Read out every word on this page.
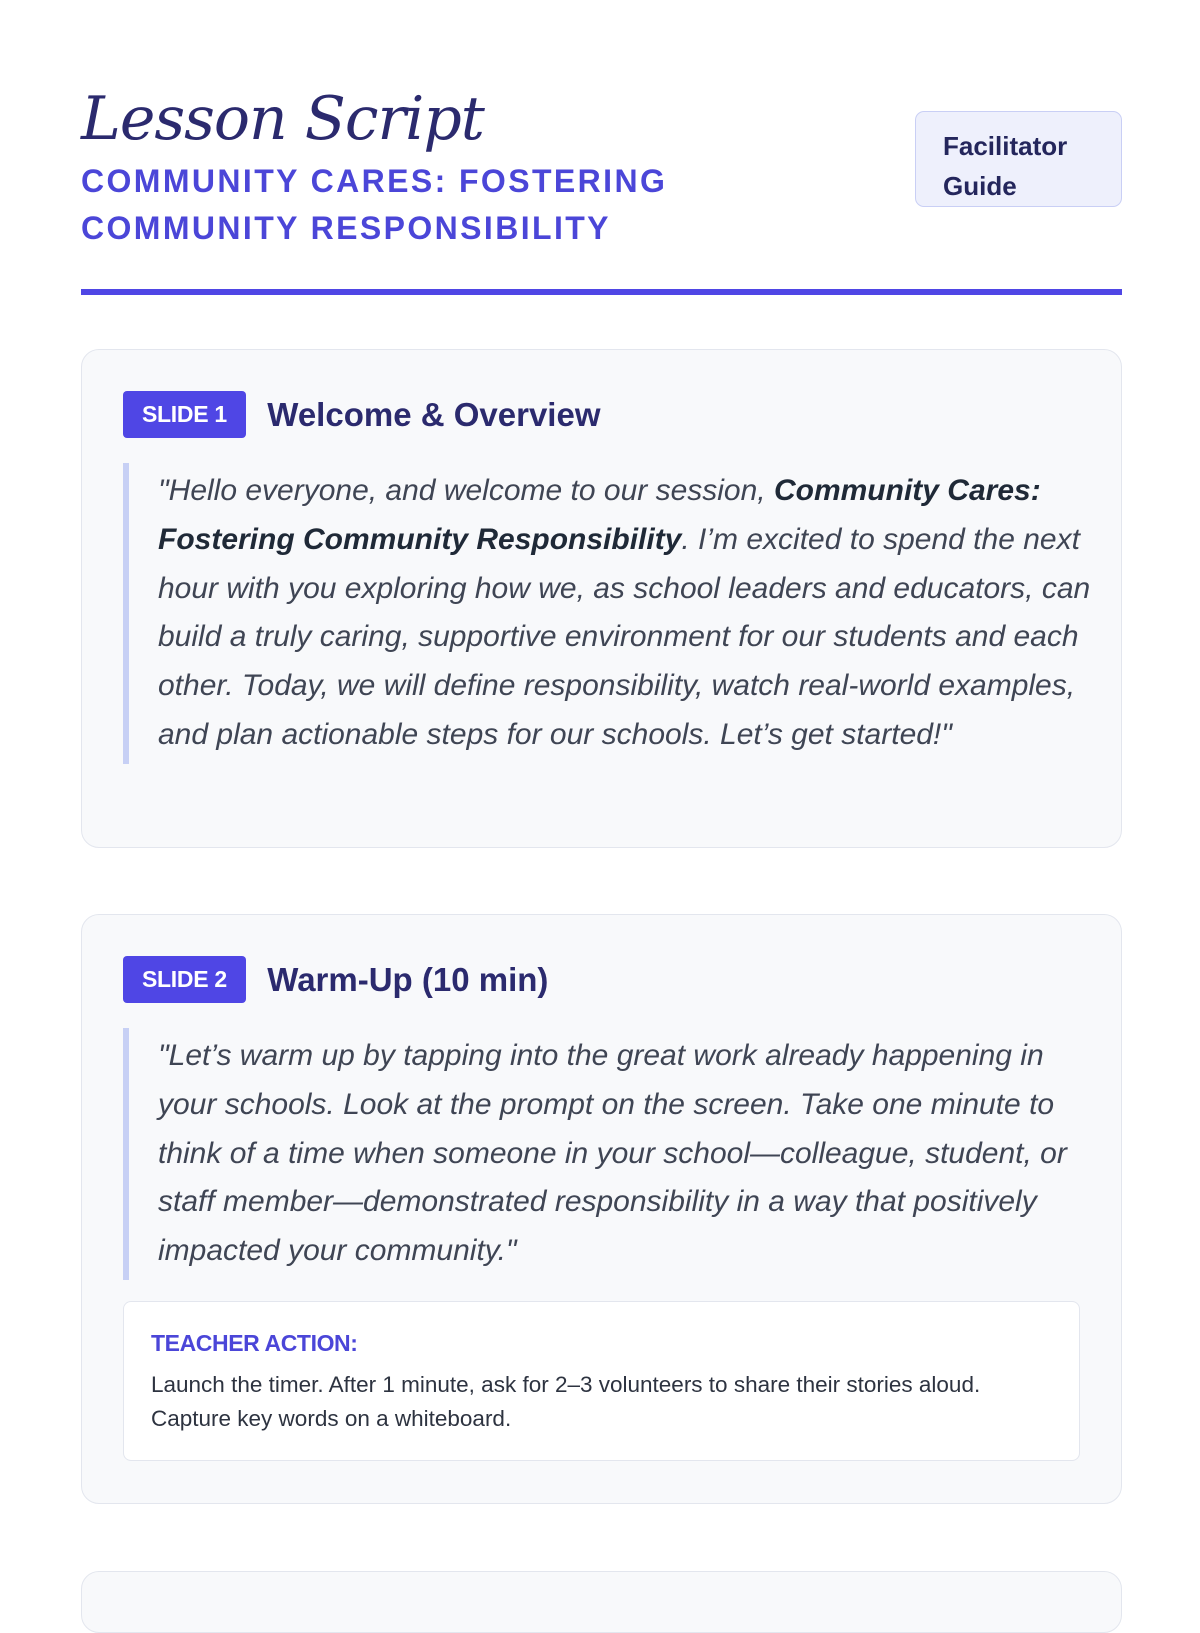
Lesson Script
COMMUNITY CARES: FOSTERING COMMUNITY RESPONSIBILITY
Facilitator Guide
SLIDE 1 Welcome & Overview
"Hello everyone, and welcome to our session, Community Cares: Fostering Community Responsibility. I’m excited to spend the next hour with you exploring how we, as school leaders and educators, can build a truly caring, supportive environment for our students and each other. Today, we will define responsibility, watch real-world examples, and plan actionable steps for our schools. Let’s get started!"
SLIDE 2 Warm-Up (10 min)
"Let’s warm up by tapping into the great work already happening in your schools. Look at the prompt on the screen. Take one minute to think of a time when someone in your school—colleague, student, or staff member—demonstrated responsibility in a way that positively impacted your community."
TEACHER ACTION:
Launch the timer. After 1 minute, ask for 2–3 volunteers to share their stories aloud. Capture key words on a whiteboard.
